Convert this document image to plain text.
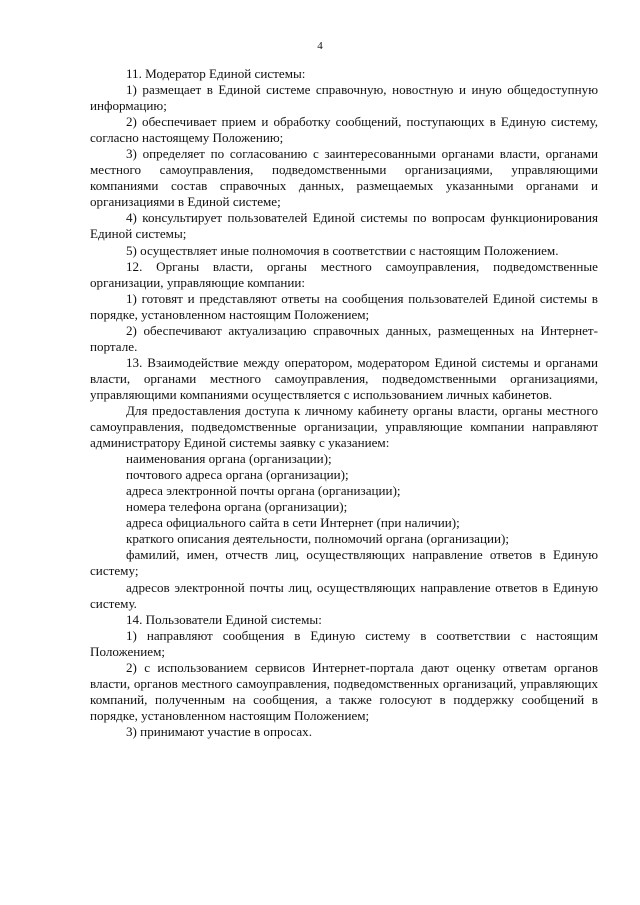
4

11. Модератор Единой системы:

1) размещает в Единой системе справочную, новостную и иную общедоступную информацию;

2) обеспечивает прием и обработку сообщений, поступающих в Единую систему, согласно настоящему Положению;

3) определяет по согласованию с заинтересованными органами власти, органами местного самоуправления, подведомственными организациями, управляющими компаниями состав справочных данных, размещаемых указанными органами и организациями в Единой системе;

4) консультирует пользователей Единой системы по вопросам функционирования Единой системы;

5) осуществляет иные полномочия в соответствии с настоящим Положением.

12. Органы власти, органы местного самоуправления, подведомственные организации, управляющие компании:

1) готовят и представляют ответы на сообщения пользователей Единой системы в порядке, установленном настоящим Положением;

2) обеспечивают актуализацию справочных данных, размещенных на Интернет-портале.

13. Взаимодействие между оператором, модератором Единой системы и органами власти, органами местного самоуправления, подведомственными организациями, управляющими компаниями осуществляется с использованием личных кабинетов.

Для предоставления доступа к личному кабинету органы власти, органы местного самоуправления, подведомственные организации, управляющие компании направляют администратору Единой системы заявку с указанием:

наименования органа (организации);

почтового адреса органа (организации);

адреса электронной почты органа (организации);

номера телефона органа (организации);

адреса официального сайта в сети Интернет (при наличии);

краткого описания деятельности, полномочий органа (организации);

фамилий, имен, отчеств лиц, осуществляющих направление ответов в Единую систему;

адресов электронной почты лиц, осуществляющих направление ответов в Единую систему.

14. Пользователи Единой системы:

1) направляют сообщения в Единую систему в соответствии с настоящим Положением;

2) с использованием сервисов Интернет-портала дают оценку ответам органов власти, органов местного самоуправления, подведомственных организаций, управляющих компаний, полученным на сообщения, а также голосуют в поддержку сообщений в порядке, установленном настоящим Положением;

3) принимают участие в опросах.
